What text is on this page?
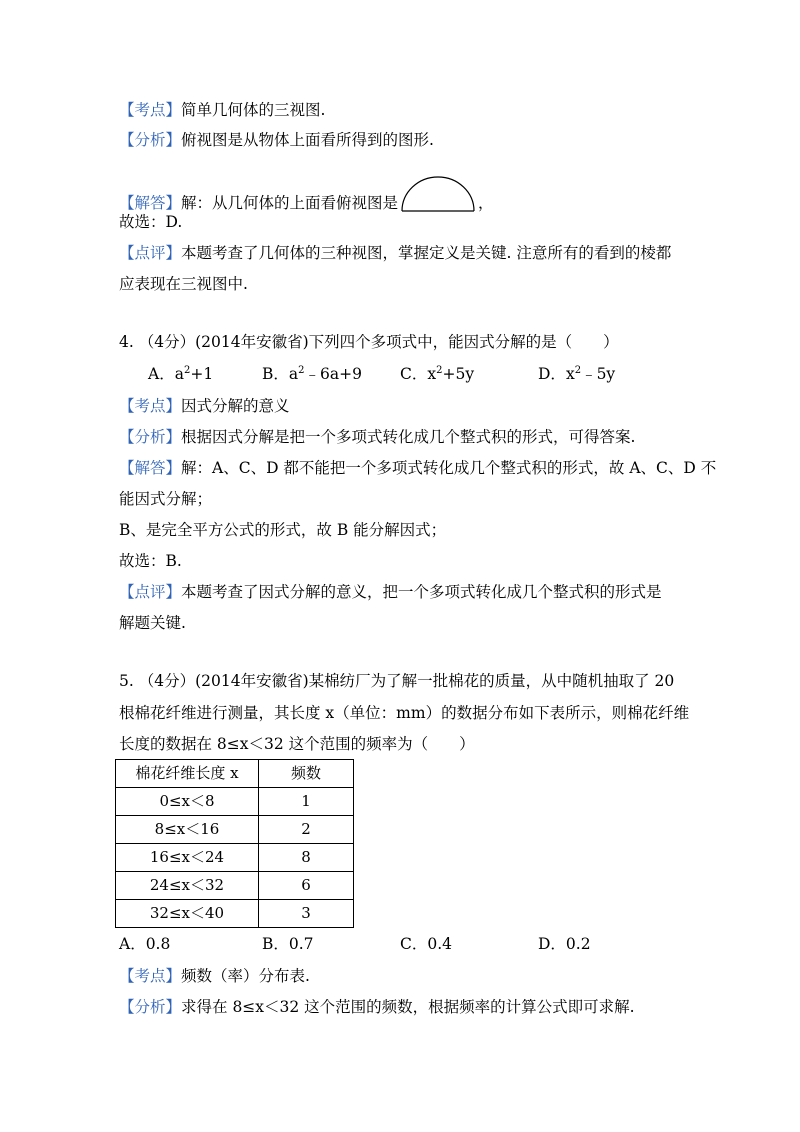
【考点】简单几何体的三视图.
【分析】俯视图是从物体上面看所得到的图形.
【解答】解：从几何体的上面看俯视图是	，
故选：D.
【点评】本题考查了几何体的三种视图，掌握定义是关键. 注意所有的看到的棱都
应表现在三视图中.
4. （4分）(2014年安徽省)下列四个多项式中，能因式分解的是（　　）
A．$a^2+1$	B．$a^2﹣6a+9$ C．$x^2+5y$	D．$x^2﹣5y$
【考点】因式分解的意义
【分析】根据因式分解是把一个多项式转化成几个整式积的形式，可得答案.
【解答】解：A、C、D 都不能把一个多项式转化成几个整式积的形式，故 A、C、D 不
能因式分解；
B、是完全平方公式的形式，故 B 能分解因式；
故选：B.
【点评】本题考查了因式分解的意义，把一个多项式转化成几个整式积的形式是
解题关键.
5. （4分）(2014年安徽省)某棉纺厂为了解一批棉花的质量，从中随机抽取了 20
根棉花纤维进行测量，其长度 x（单位：mm）的数据分布如下表所示，则棉花纤维
长度的数据在 8≤x＜32 这个范围的频率为（　　）
棉花纤维长度 x	频数
0≤x＜8	1
8≤x＜16	2
16≤x＜24	8
24≤x＜32	6
32≤x＜40	3
A．0.8	B．0.7	C．0.4	D．0.2
【考点】频数（率）分布表.
【分析】求得在 8≤x＜32 这个范围的频数，根据频率的计算公式即可求解.
